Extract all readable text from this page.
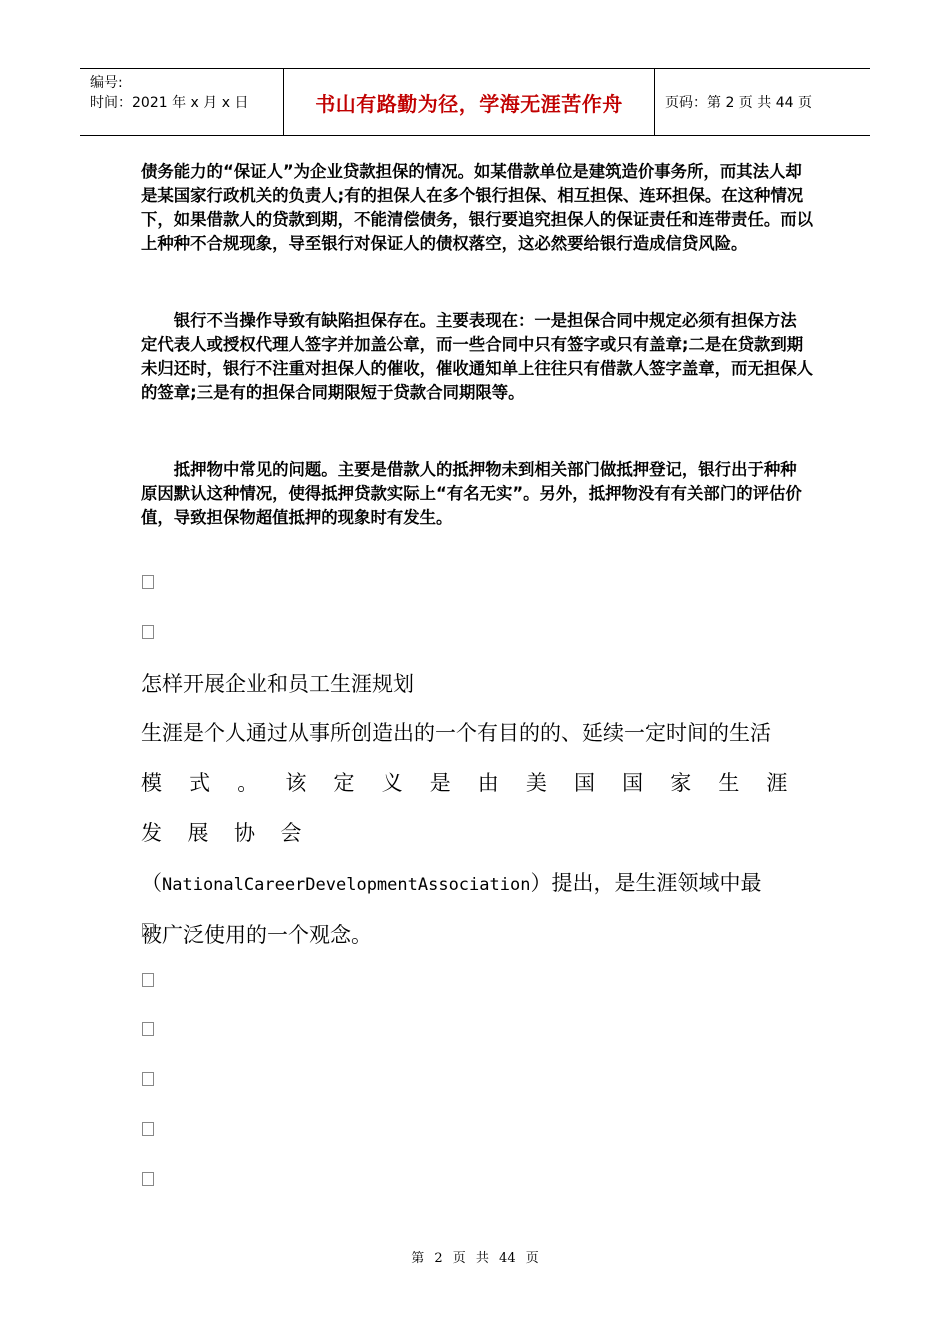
编号:
时间：2021 年 x 月 x 日	书山有路勤为径，学海无涯苦作舟	页码：第 2 页 共 44 页

债务能力的“保证人”为企业贷款担保的情况。如某借款单位是建筑造价事务所，而其法人却是某国家行政机关的负责人;有的担保人在多个银行担保、相互担保、连环担保。在这种情况下，如果借款人的贷款到期，不能清偿债务，银行要追究担保人的保证责任和连带责任。而以上种种不合规现象，导至银行对保证人的债权落空，这必然要给银行造成信贷风险。

银行不当操作导致有缺陷担保存在。主要表现在：一是担保合同中规定必须有担保方法定代表人或授权代理人签字并加盖公章，而一些合同中只有签字或只有盖章;二是在贷款到期未归还时，银行不注重对担保人的催收，催收通知单上往往只有借款人签字盖章，而无担保人的签章;三是有的担保合同期限短于贷款合同期限等。

抵押物中常见的问题。主要是借款人的抵押物未到相关部门做抵押登记，银行出于种种原因默认这种情况，使得抵押贷款实际上“有名无实”。另外，抵押物没有有关部门的评估价值，导致担保物超值抵押的现象时有发生。

怎样开展企业和员工生涯规划

生涯是个人通过从事所创造出的一个有目的的、延续一定时间的生活
模式。该定义是由美国国家生涯发展协会
（NationalCareerDevelopmentAssociation）提出，是生涯领域中最
被广泛使用的一个观念。
第 2 页 共 44 页
